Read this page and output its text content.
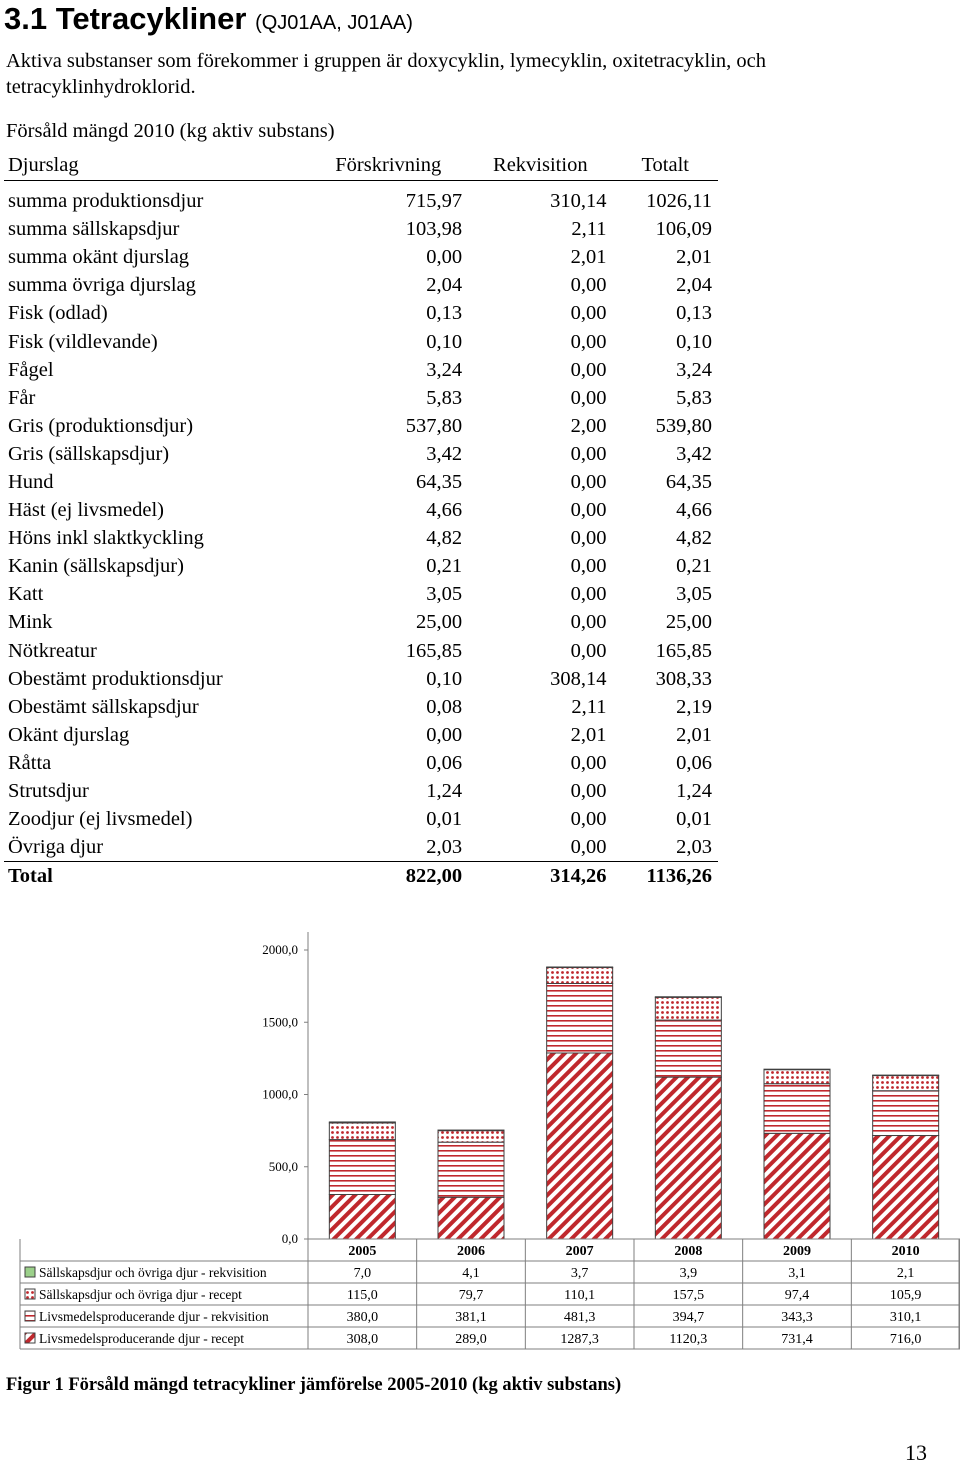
3.1 Tetracykliner (QJ01AA, J01AA)

Aktiva substanser som förekommer i gruppen är doxycyklin, lymecyklin, oxitetracyklin, och tetracyklinhydroklorid.

Försåld mängd 2010 (kg aktiv substans)

Djurslag	Förskrivning	Rekvisition	Totalt
summa produktionsdjur	715,97	310,14	1026,11
summa sällskapsdjur	103,98	2,11	106,09
summa okänt djurslag	0,00	2,01	2,01
summa övriga djurslag	2,04	0,00	2,04
Fisk (odlad)	0,13	0,00	0,13
Fisk (vildlevande)	0,10	0,00	0,10
Fågel	3,24	0,00	3,24
Får	5,83	0,00	5,83
Gris (produktionsdjur)	537,80	2,00	539,80
Gris (sällskapsdjur)	3,42	0,00	3,42
Hund	64,35	0,00	64,35
Häst (ej livsmedel)	4,66	0,00	4,66
Höns inkl slaktkyckling	4,82	0,00	4,82
Kanin (sällskapsdjur)	0,21	0,00	0,21
Katt	3,05	0,00	3,05
Mink	25,00	0,00	25,00
Nötkreatur	165,85	0,00	165,85
Obestämt produktionsdjur	0,10	308,14	308,33
Obestämt sällskapsdjur	0,08	2,11	2,19
Okänt djurslag	0,00	2,01	2,01
Råtta	0,06	0,00	0,06
Strutsdjur	1,24	0,00	1,24
Zoodjur (ej livsmedel)	0,01	0,00	0,01
Övriga djur	2,03	0,00	2,03
Total	822,00	314,26	1136,26
0,0
500,0
1000,0
1500,0
2000,0
2005	2006	2007	2008	2009	2010
Sällskapsdjur och övriga djur - rekvisition	7,0	4,1	3,7	3,9	3,1	2,1
Sällskapsdjur och övriga djur - recept	115,0	79,7	110,1	157,5	97,4	105,9
Livsmedelsproducerande djur - rekvisition	380,0	381,1	481,3	394,7	343,3	310,1
Livsmedelsproducerande djur - recept	308,0	289,0	1287,3	1120,3	731,4	716,0

Figur 1 Försåld mängd tetracykliner jämförelse 2005-2010 (kg aktiv substans)

13
